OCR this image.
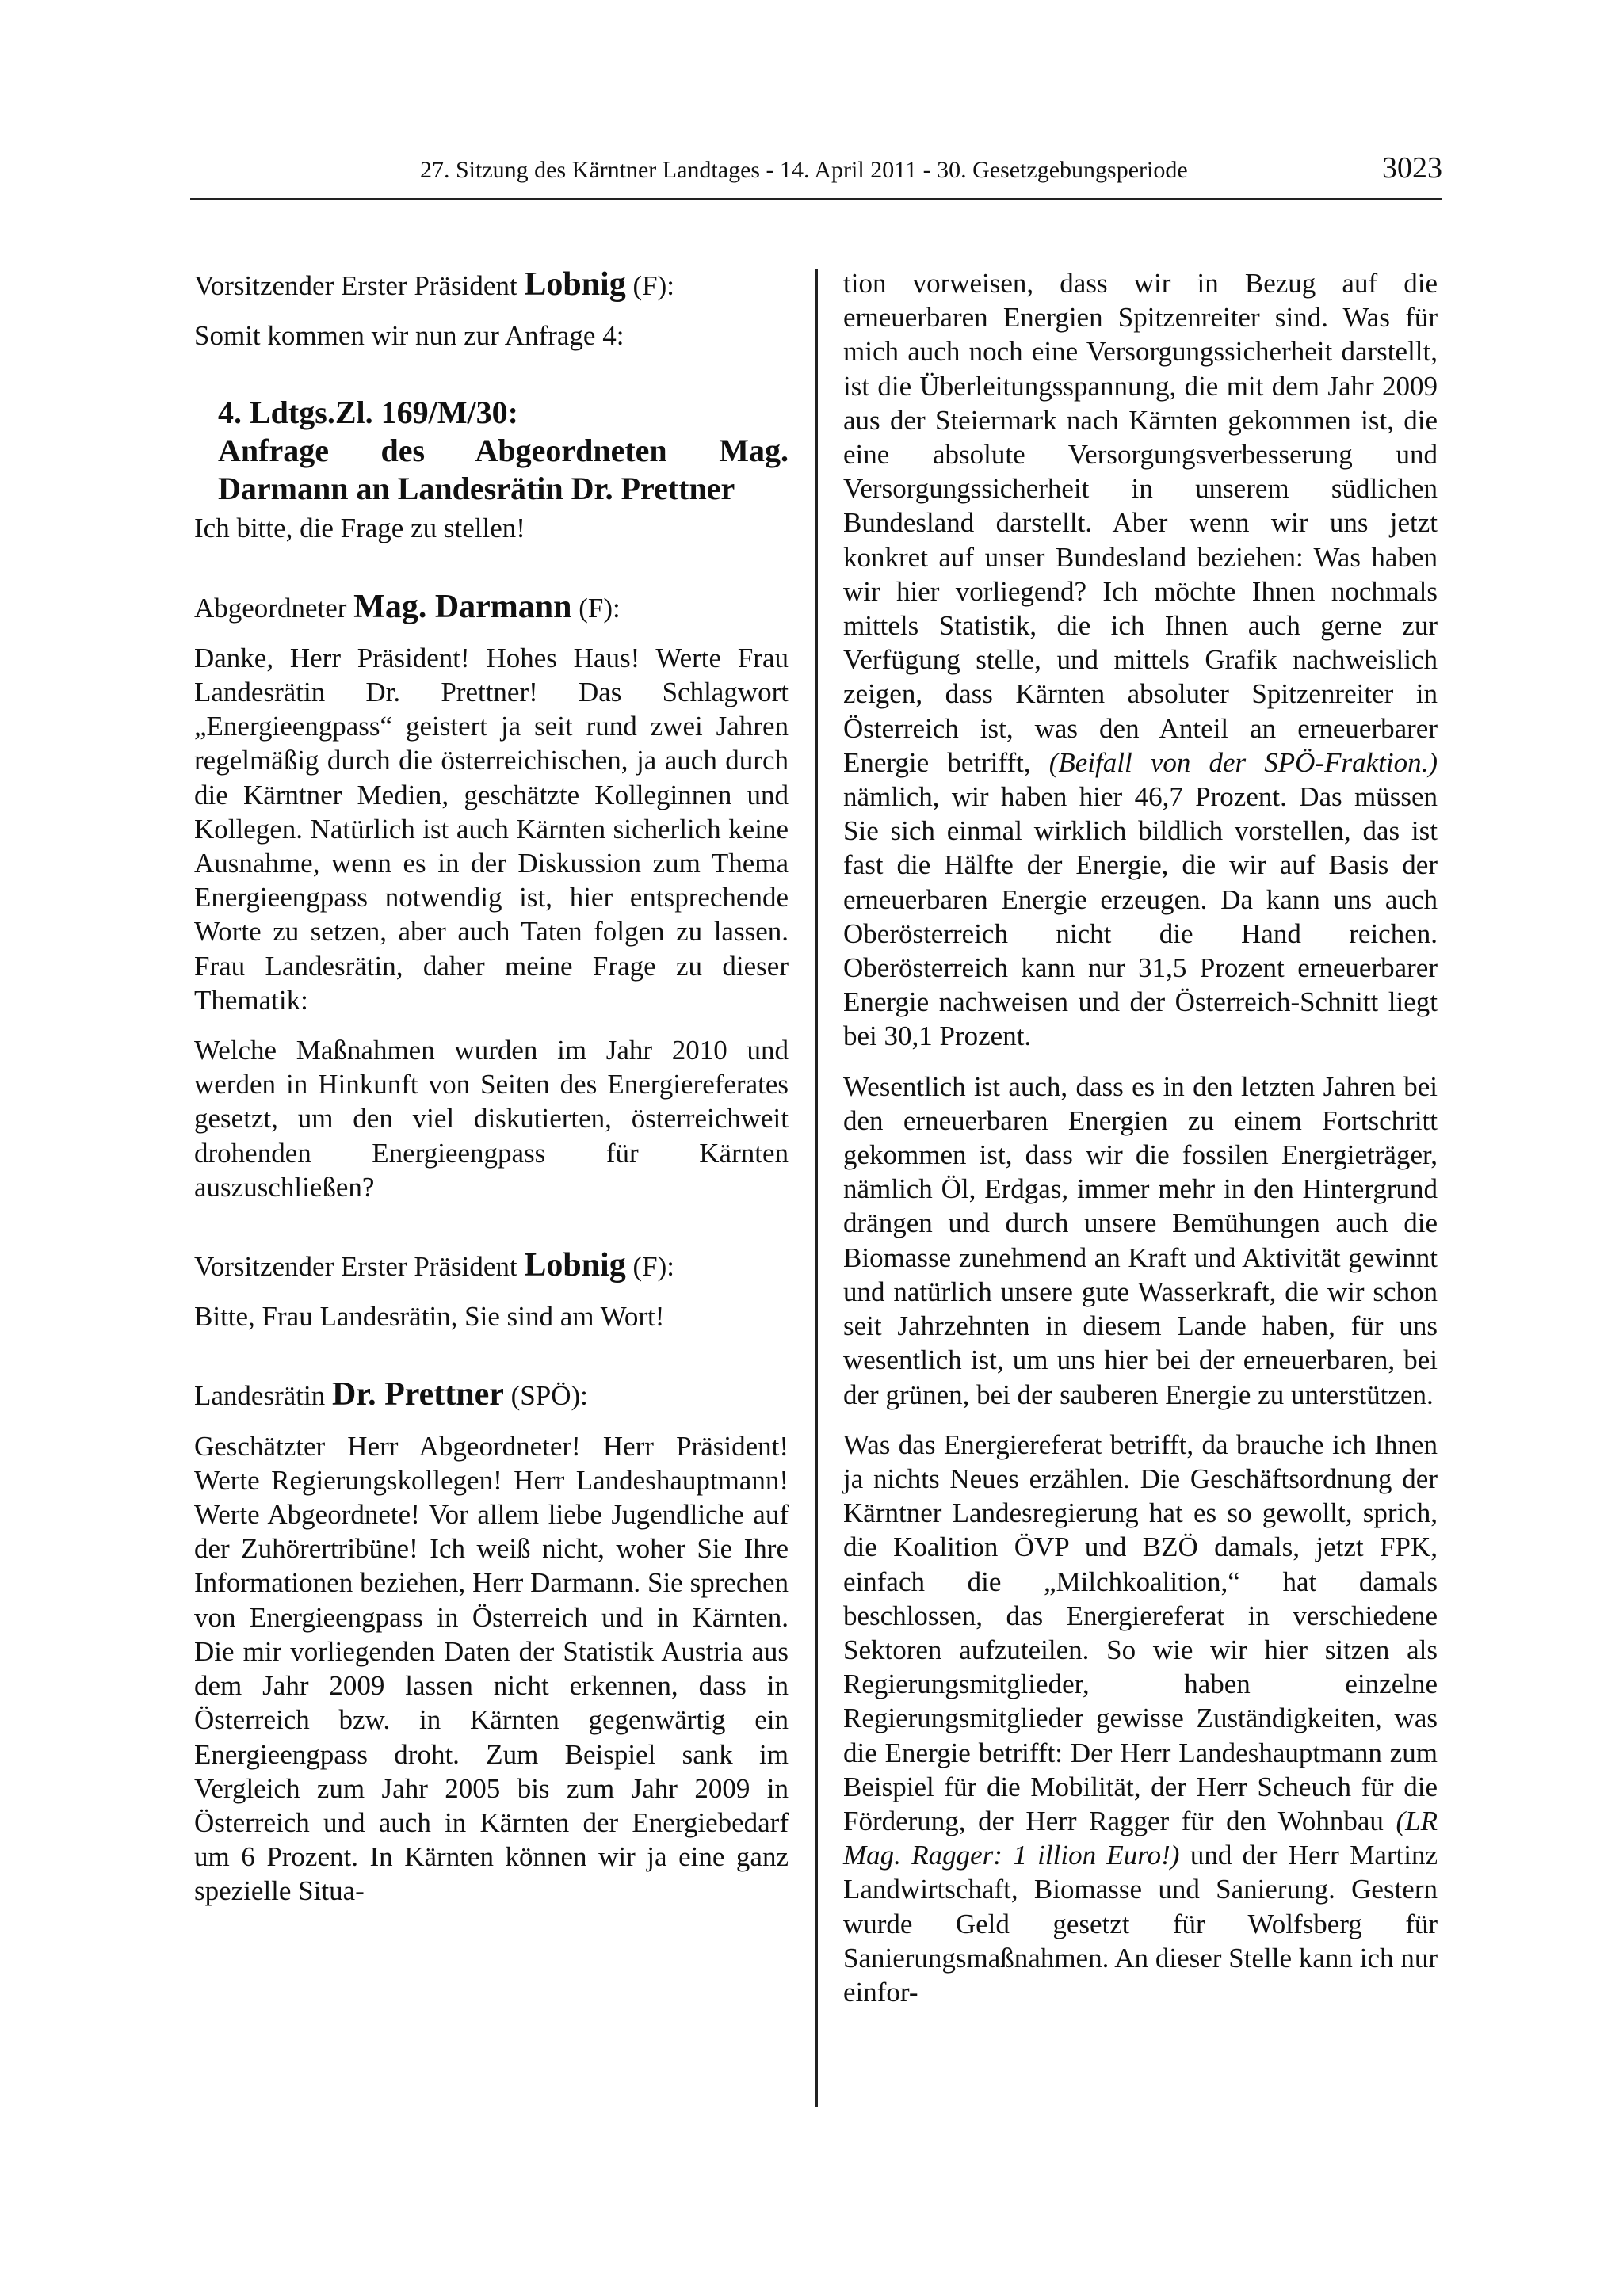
27. Sitzung des Kärntner Landtages - 14. April 2011 - 30. Gesetzgebungsperiode	3023

Vorsitzender Erster Präsident Lobnig (F):

Somit kommen wir nun zur Anfrage 4:

4. Ldtgs.Zl. 169/M/30:
Anfrage des Abgeordneten Mag. Darmann an Landesrätin Dr. Prettner

Ich bitte, die Frage zu stellen!

Abgeordneter Mag. Darmann (F):

Danke, Herr Präsident! Hohes Haus! Werte Frau Landesrätin Dr. Prettner! Das Schlagwort „Energieengpass“ geistert ja seit rund zwei Jahren regelmäßig durch die österreichischen, ja auch durch die Kärntner Medien, geschätzte Kolleginnen und Kollegen. Natürlich ist auch Kärnten sicherlich keine Ausnahme, wenn es in der Diskussion zum Thema Energieengpass notwendig ist, hier entsprechende Worte zu setzen, aber auch Taten folgen zu lassen. Frau Landesrätin, daher meine Frage zu dieser Thematik:

Welche Maßnahmen wurden im Jahr 2010 und werden in Hinkunft von Seiten des Energiereferates gesetzt, um den viel diskutierten, österreichweit drohenden Energieengpass für Kärnten auszuschließen?

Vorsitzender Erster Präsident Lobnig (F):

Bitte, Frau Landesrätin, Sie sind am Wort!

Landesrätin Dr. Prettner (SPÖ):

Geschätzter Herr Abgeordneter! Herr Präsident! Werte Regierungskollegen! Herr Landeshauptmann! Werte Abgeordnete! Vor allem liebe Jugendliche auf der Zuhörertribüne! Ich weiß nicht, woher Sie Ihre Informationen beziehen, Herr Darmann. Sie sprechen von Energieengpass in Österreich und in Kärnten. Die mir vorliegenden Daten der Statistik Austria aus dem Jahr 2009 lassen nicht erkennen, dass in Österreich bzw. in Kärnten gegenwärtig ein Energieengpass droht. Zum Beispiel sank im Vergleich zum Jahr 2005 bis zum Jahr 2009 in Österreich und auch in Kärnten der Energiebedarf um 6 Prozent. In Kärnten können wir ja eine ganz spezielle Situa-

tion vorweisen, dass wir in Bezug auf die erneuerbaren Energien Spitzenreiter sind. Was für mich auch noch eine Versorgungssicherheit darstellt, ist die Überleitungsspannung, die mit dem Jahr 2009 aus der Steiermark nach Kärnten gekommen ist, die eine absolute Versorgungsverbesserung und Versorgungssicherheit in unserem südlichen Bundesland darstellt. Aber wenn wir uns jetzt konkret auf unser Bundesland beziehen: Was haben wir hier vorliegend? Ich möchte Ihnen nochmals mittels Statistik, die ich Ihnen auch gerne zur Verfügung stelle, und mittels Grafik nachweislich zeigen, dass Kärnten absoluter Spitzenreiter in Österreich ist, was den Anteil an erneuerbarer Energie betrifft, (Beifall von der SPÖ-Fraktion.) nämlich, wir haben hier 46,7 Prozent. Das müssen Sie sich einmal wirklich bildlich vorstellen, das ist fast die Hälfte der Energie, die wir auf Basis der erneuerbaren Energie erzeugen. Da kann uns auch Oberösterreich nicht die Hand reichen. Oberösterreich kann nur 31,5 Prozent erneuerbarer Energie nachweisen und der Österreich-Schnitt liegt bei 30,1 Prozent.

Wesentlich ist auch, dass es in den letzten Jahren bei den erneuerbaren Energien zu einem Fortschritt gekommen ist, dass wir die fossilen Energieträger, nämlich Öl, Erdgas, immer mehr in den Hintergrund drängen und durch unsere Bemühungen auch die Biomasse zunehmend an Kraft und Aktivität gewinnt und natürlich unsere gute Wasserkraft, die wir schon seit Jahrzehnten in diesem Lande haben, für uns wesentlich ist, um uns hier bei der erneuerbaren, bei der grünen, bei der sauberen Energie zu unterstützen.

Was das Energiereferat betrifft, da brauche ich Ihnen ja nichts Neues erzählen. Die Geschäftsordnung der Kärntner Landesregierung hat es so gewollt, sprich, die Koalition ÖVP und BZÖ damals, jetzt FPK, einfach die „Milchkoalition,“ hat damals beschlossen, das Energiereferat in verschiedene Sektoren aufzuteilen. So wie wir hier sitzen als Regierungsmitglieder, haben einzelne Regierungsmitglieder gewisse Zuständigkeiten, was die Energie betrifft: Der Herr Landeshauptmann zum Beispiel für die Mobilität, der Herr Scheuch für die Förderung, der Herr Ragger für den Wohnbau (LR Mag. Ragger: 1 illion Euro!) und der Herr Martinz Landwirtschaft, Biomasse und Sanierung. Gestern wurde Geld gesetzt für Wolfsberg für Sanierungsmaßnahmen. An dieser Stelle kann ich nur einfor-
